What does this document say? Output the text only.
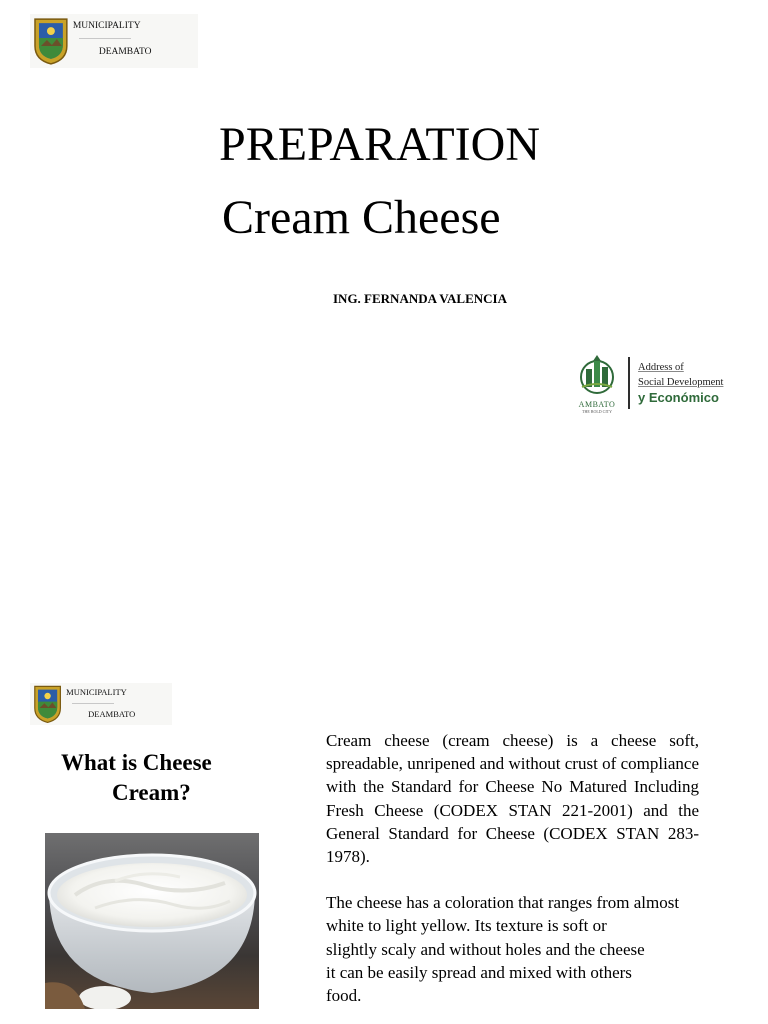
MUNICIPALITY
DEAMBATO
PREPARATION
Cream Cheese
ING. FERNANDA VALENCIA
AMBATO
THE BOLD CITY
Address of
Social Development
y Económico
MUNICIPALITY
DEAMBATO
What is Cheese
Cream?

Cream cheese (cream cheese) is a cheese soft, spreadable, unripened and without crust of compliance with the Standard for Cheese No Matured Including Fresh Cheese (CODEX STAN 221-2001) and the General Standard for Cheese (CODEX STAN 283-1978).

The cheese has a coloration that ranges from almost
white to light yellow. Its texture is soft or
slightly scaly and without holes and the cheese
it can be easily spread and mixed with others
food.
